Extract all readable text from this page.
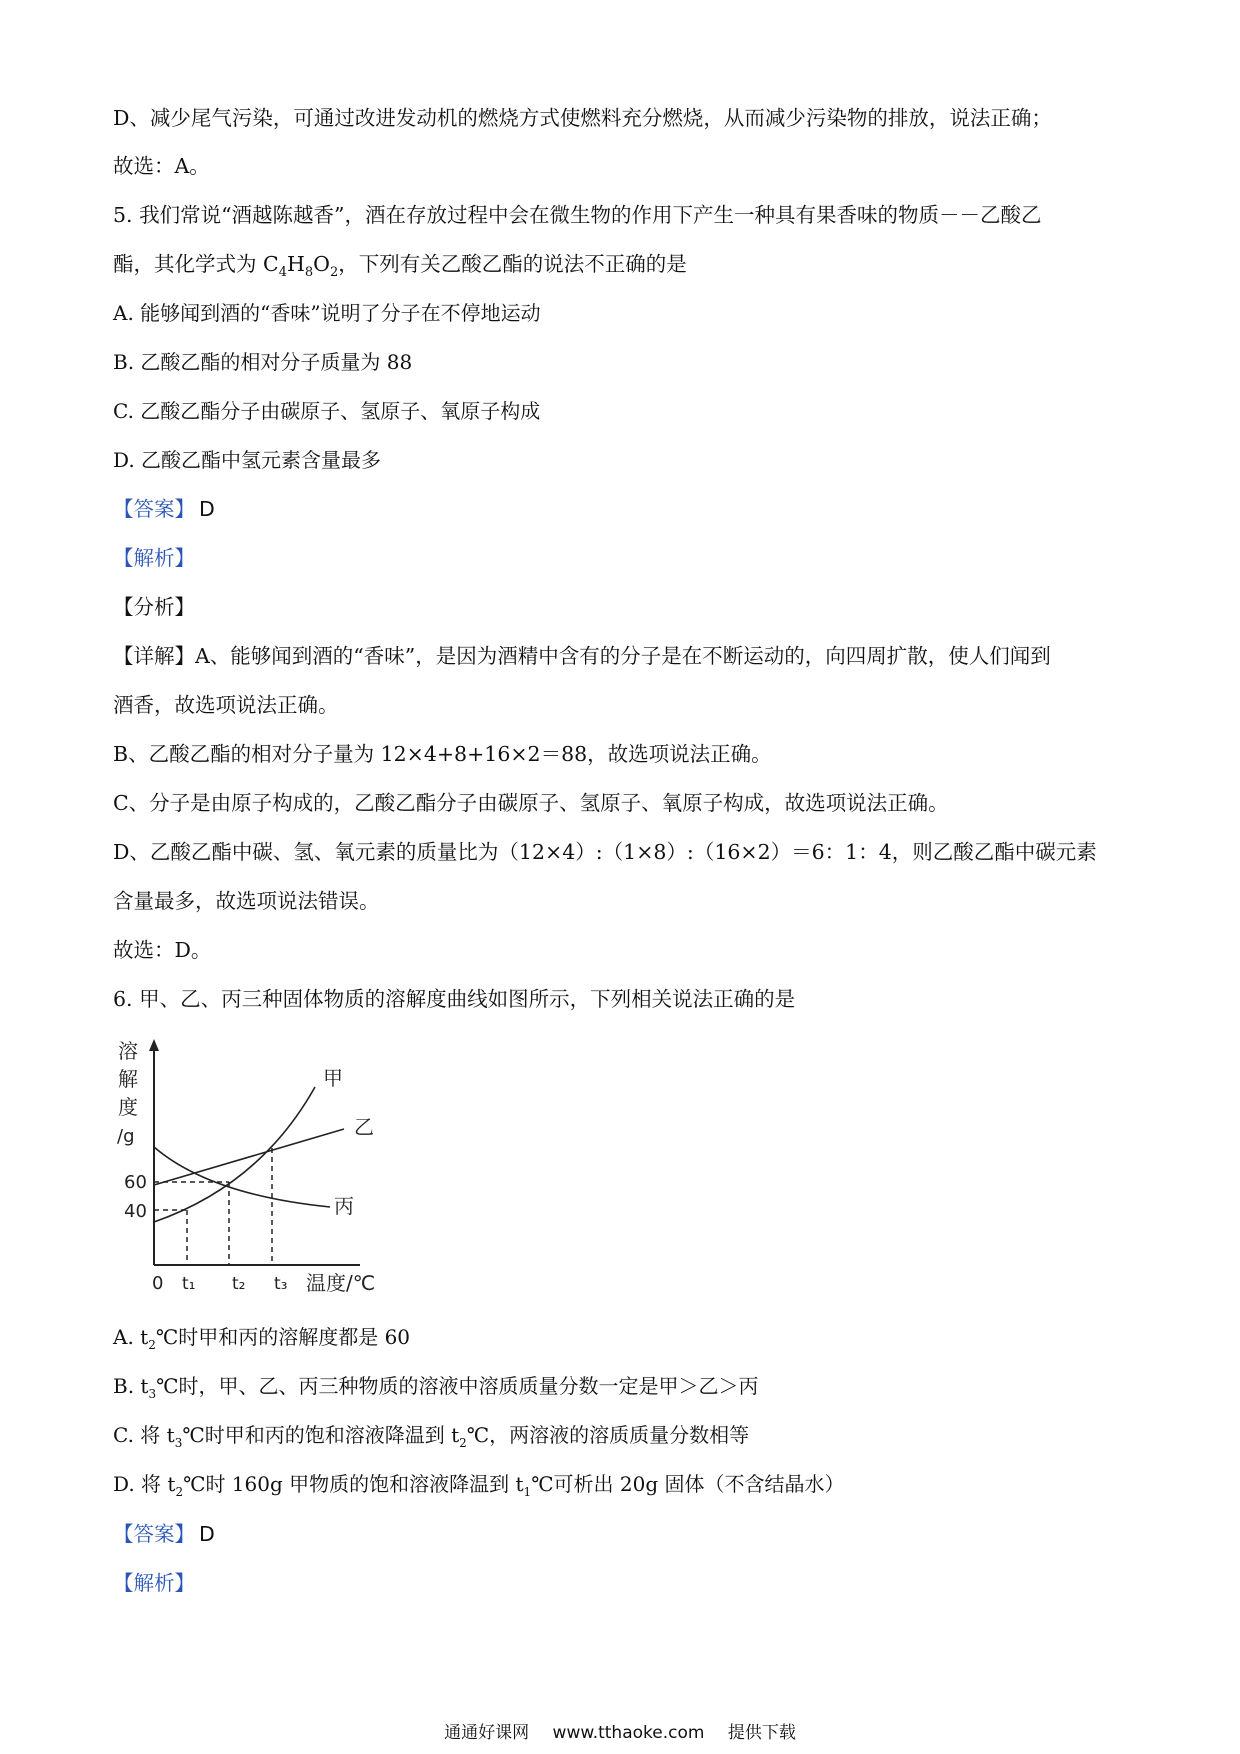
D、减少尾气污染，可通过改进发动机的燃烧方式使燃料充分燃烧，从而减少污染物的排放，说法正确；
故选：A。
5. 我们常说“酒越陈越香”，酒在存放过程中会在微生物的作用下产生一种具有果香味的物质－－乙酸乙
酯，其化学式为 $C_4H_8O_2$，下列有关乙酸乙酯的说法不正确的是
A. 能够闻到酒的“香味”说明了分子在不停地运动
B. 乙酸乙酯的相对分子质量为 88
C. 乙酸乙酯分子由碳原子、氢原子、氧原子构成
D. 乙酸乙酯中氢元素含量最多
【答案】 D
【解析】
【分析】
【详解】A、能够闻到酒的“香味”，是因为酒精中含有的分子是在不断运动的，向四周扩散，使人们闻到
酒香，故选项说法正确。
B、乙酸乙酯的相对分子量为 12×4+8+16×2＝88，故选项说法正确。
C、分子是由原子构成的，乙酸乙酯分子由碳原子、氢原子、氧原子构成，故选项说法正确。
D、乙酸乙酯中碳、氢、氧元素的质量比为（12×4）:（1×8）:（16×2）＝6：1：4，则乙酸乙酯中碳元素
含量最多，故选项说法错误。
故选：D。
6. 甲、乙、丙三种固体物质的溶解度曲线如图所示，下列相关说法正确的是
溶
解
度
/g
60
40
0 t₁ t₂ t₃ 温度/℃
甲
乙
丙
A. $t_2℃$时甲和丙的溶解度都是 60
B. $t_3℃$时，甲、乙、丙三种物质的溶液中溶质质量分数一定是甲＞乙＞丙
C. 将 $t_3℃$时甲和丙的饱和溶液降温到 $t_2℃$，两溶液的溶质质量分数相等
D. 将 $t_2℃$时 160g 甲物质的饱和溶液降温到 $t_1℃$可析出 20g 固体（不含结晶水）
【答案】 D
【解析】
通通好课网 www.tthaoke.com 提供下载
